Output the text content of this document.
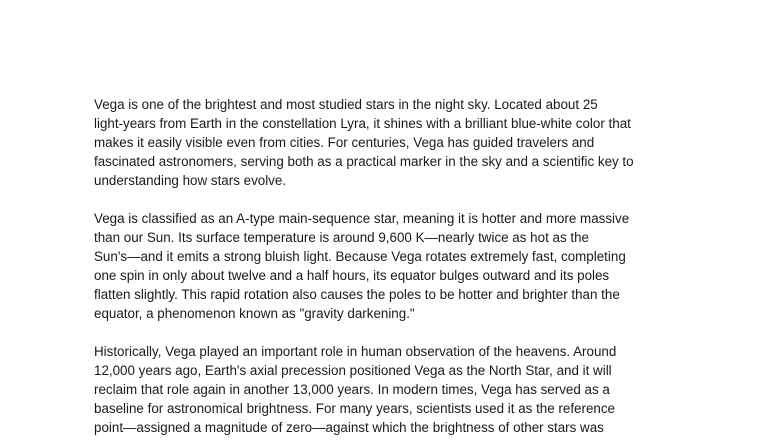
Vega is one of the brightest and most studied stars in the night sky. Located about 25
light-years from Earth in the constellation Lyra, it shines with a brilliant blue-white color that
makes it easily visible even from cities. For centuries, Vega has guided travelers and
fascinated astronomers, serving both as a practical marker in the sky and a scientific key to
understanding how stars evolve.

Vega is classified as an A-type main-sequence star, meaning it is hotter and more massive
than our Sun. Its surface temperature is around 9,600 K—nearly twice as hot as the
Sun's—and it emits a strong bluish light. Because Vega rotates extremely fast, completing
one spin in only about twelve and a half hours, its equator bulges outward and its poles
flatten slightly. This rapid rotation also causes the poles to be hotter and brighter than the
equator, a phenomenon known as "gravity darkening."

Historically, Vega played an important role in human observation of the heavens. Around
12,000 years ago, Earth's axial precession positioned Vega as the North Star, and it will
reclaim that role again in another 13,000 years. In modern times, Vega has served as a
baseline for astronomical brightness. For many years, scientists used it as the reference
point—assigned a magnitude of zero—against which the brightness of other stars was
